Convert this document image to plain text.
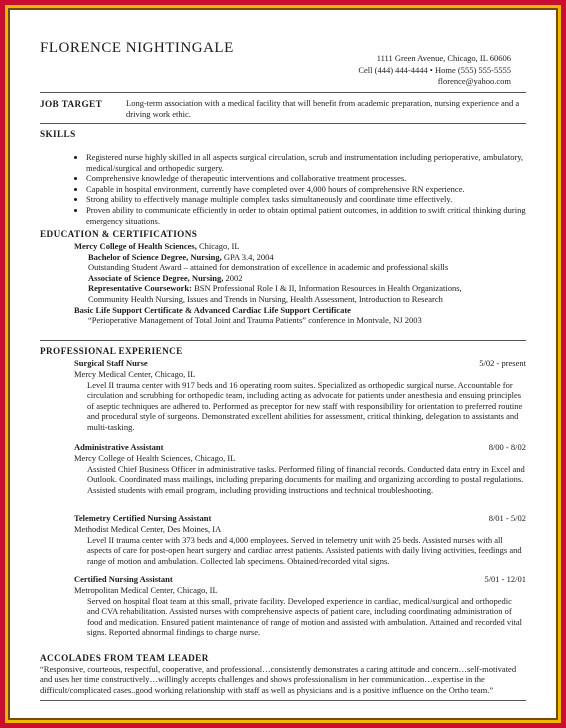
FLORENCE NIGHTINGALE
1111 Green Avenue, Chicago, IL 60606
Cell (444) 444-4444 • Home (555) 555-5555
florence@yahoo.com
JOB TARGET	Long-term association with a medical facility that will benefit from academic preparation, nursing experience and a driving work ethic.
SKILLS
• Registered nurse highly skilled in all aspects surgical circulation, scrub and instrumentation including perioperative, ambulatory, medical/surgical and orthopedic surgery.
• Comprehensive knowledge of therapeutic interventions and collaborative treatment processes.
• Capable in hospital environment, currently have completed over 4,000 hours of comprehensive RN experience.
• Strong ability to effectively manage multiple complex tasks simultaneously and coordinate time effectively.
• Proven ability to communicate efficiently in order to obtain optimal patient outcomes, in addition to swift critical thinking during emergency situations.
EDUCATION & CERTIFICATIONS
Mercy College of Health Sciences, Chicago, IL
Bachelor of Science Degree, Nursing, GPA 3.4, 2004
Outstanding Student Award – attained for demonstration of excellence in academic and professional skills
Associate of Science Degree, Nursing, 2002
Representative Coursework: BSN Professional Role I & II, Information Resources in Health Organizations,
Community Health Nursing, Issues and Trends in Nursing, Health Assessment, Introduction to Research
Basic Life Support Certificate & Advanced Cardiac Life Support Certificate
“Perioperative Management of Total Joint and Trauma Patients” conference in Montvale, NJ 2003
PROFESSIONAL EXPERIENCE
Surgical Staff Nurse	5/02 - present
Mercy Medical Center, Chicago, IL
Level II trauma center with 917 beds and 16 operating room suites. Specialized as orthopedic surgical nurse. Accountable for circulation and scrubbing for orthopedic team, including acting as advocate for patients under anesthesia and ensuing principles of aseptic techniques are adhered to. Performed as preceptor for new staff with responsibility for orientation to preferred routine and procedural style of surgeons. Demonstrated excellent abilities for assessment, critical thinking, delegation to assistants and multi-tasking.
Administrative Assistant	8/00 - 8/02
Mercy College of Health Sciences, Chicago, IL
Assisted Chief Business Officer in administrative tasks. Performed filing of financial records. Conducted data entry in Excel and Outlook. Coordinated mass mailings, including preparing documents for mailing and organizing according to postal regulations. Assisted students with email program, including providing instructions and technical troubleshooting.
Telemetry Certified Nursing Assistant	8/01 - 5/02
Methodist Medical Center, Des Moines, IA
Level II trauma center with 373 beds and 4,000 employees. Served in telemetry unit with 25 beds. Assisted nurses with all aspects of care for post-open heart surgery and cardiac arrest patients. Assisted patients with daily living activities, feedings and range of motion and ambulation. Collected lab specimens. Obtained/recorded vital signs.
Certified Nursing Assistant	5/01 - 12/01
Metropolitan Medical Center, Chicago, IL
Served on hospital float team at this small, private facility. Developed experience in cardiac, medical/surgical and orthopedic and CVA rehabilitation. Assisted nurses with comprehensive aspects of patient care, including coordinating administration of food and medication. Ensured patient maintenance of range of motion and assisted with ambulation. Attained and recorded vital signs. Reported abnormal findings to charge nurse.
ACCOLADES FROM TEAM LEADER
“Responsive, courteous, respectful, cooperative, and professional…consistently demonstrates a caring attitude and concern…self-motivated and uses her time constructively…willingly accepts challenges and shows professionalism in her communication…expertise in the difficult/complicated cases..good working relationship with staff as well as physicians and is a positive influence on the Ortho team.”
